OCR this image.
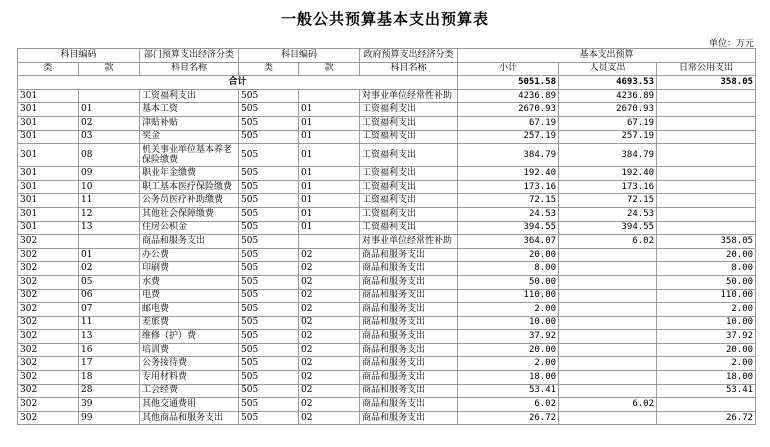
一般公共预算基本支出预算表
单位：万元
科目编码		部门预算支出经济分类	科目编码		政府预算支出经济分类	基本支出预算		
类	款	科目名称	类	款	科目名称	小计	人员支出	日常公用支出
合计						5051.58	4693.53	358.05
301		工资福利支出	505		对事业单位经常性补助	4236.89	4236.89	
301	01	基本工资	505	01	工资福利支出	2670.93	2670.93	
301	02	津贴补贴	505	01	工资福利支出	67.19	67.19	
301	03	奖金	505	01	工资福利支出	257.19	257.19	
301	08	机关事业单位基本养老保险缴费	505	01	工资福利支出	384.79	384.79	
301	09	职业年金缴费	505	01	工资福利支出	192.40	192.40	
301	10	职工基本医疗保险缴费	505	01	工资福利支出	173.16	173.16	
301	11	公务员医疗补助缴费	505	01	工资福利支出	72.15	72.15	
301	12	其他社会保障缴费	505	01	工资福利支出	24.53	24.53	
301	13	住房公积金	505	01	工资福利支出	394.55	394.55	
302		商品和服务支出	505		对事业单位经常性补助	364.07	6.02	358.05
302	01	办公费	505	02	商品和服务支出	20.00		20.00
302	02	印刷费	505	02	商品和服务支出	8.00		8.00
302	05	水费	505	02	商品和服务支出	50.00		50.00
302	06	电费	505	02	商品和服务支出	110.00		110.00
302	07	邮电费	505	02	商品和服务支出	2.00		2.00
302	11	差旅费	505	02	商品和服务支出	10.00		10.00
302	13	维修（护）费	505	02	商品和服务支出	37.92		37.92
302	16	培训费	505	02	商品和服务支出	20.00		20.00
302	17	公务接待费	505	02	商品和服务支出	2.00		2.00
302	18	专用材料费	505	02	商品和服务支出	18.00		18.00
302	28	工会经费	505	02	商品和服务支出	53.41		53.41
302	39	其他交通费用	505	02	商品和服务支出	6.02	6.02	
302	99	其他商品和服务支出	505	02	商品和服务支出	26.72		26.72
